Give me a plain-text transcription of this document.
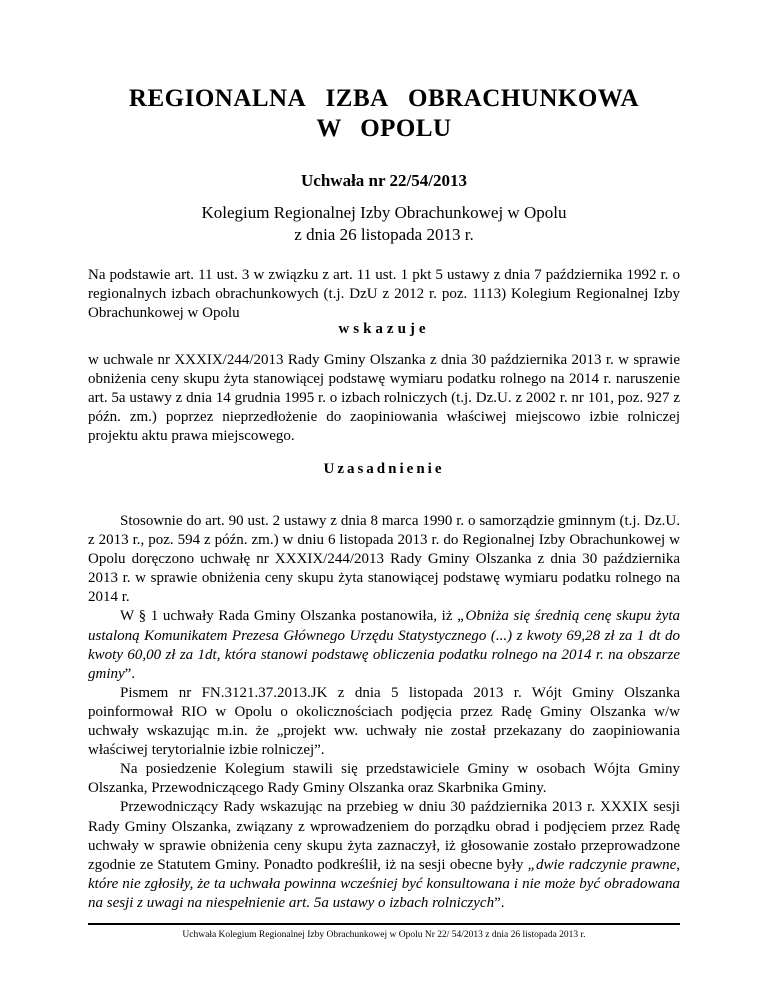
REGIONALNA IZBA OBRACHUNKOWA
W OPOLU
Uchwała nr 22/54/2013
Kolegium Regionalnej Izby Obrachunkowej w Opolu
z dnia 26 listopada 2013 r.
Na podstawie art. 11 ust. 3 w związku z art. 11 ust. 1 pkt 5 ustawy z dnia 7 października 1992 r. o regionalnych izbach obrachunkowych (t.j. DzU z 2012 r. poz. 1113) Kolegium Regionalnej Izby Obrachunkowej w Opolu
wskazuje
w uchwale nr XXXIX/244/2013 Rady Gminy Olszanka z dnia 30 października 2013 r. w sprawie obniżenia ceny skupu żyta stanowiącej podstawę wymiaru podatku rolnego na 2014 r. naruszenie art. 5a ustawy z dnia 14 grudnia 1995 r. o izbach rolniczych (t.j. Dz.U. z 2002 r. nr 101, poz. 927 z późn. zm.) poprzez nieprzedłożenie do zaopiniowania właściwej miejscowo izbie rolniczej projektu aktu prawa miejscowego.
Uzasadnienie

Stosownie do art. 90 ust. 2 ustawy z dnia 8 marca 1990 r. o samorządzie gminnym (t.j. Dz.U. z 2013 r., poz. 594 z późn. zm.) w dniu 6 listopada 2013 r. do Regionalnej Izby Obrachunkowej w Opolu doręczono uchwałę nr XXXIX/244/2013 Rady Gminy Olszanka z dnia 30 października 2013 r. w sprawie obniżenia ceny skupu żyta stanowiącej podstawę wymiaru podatku rolnego na 2014 r.

W § 1 uchwały Rada Gminy Olszanka postanowiła, iż „Obniża się średnią cenę skupu żyta ustaloną Komunikatem Prezesa Głównego Urzędu Statystycznego (...) z kwoty 69,28 zł za 1 dt do kwoty 60,00 zł za 1dt, która stanowi podstawę obliczenia podatku rolnego na 2014 r. na obszarze gminy”.

Pismem nr FN.3121.37.2013.JK z dnia 5 listopada 2013 r. Wójt Gminy Olszanka poinformował RIO w Opolu o okolicznościach podjęcia przez Radę Gminy Olszanka w/w uchwały wskazując m.in. że „projekt ww. uchwały nie został przekazany do zaopiniowania właściwej terytorialnie izbie rolniczej”.

Na posiedzenie Kolegium stawili się przedstawiciele Gminy w osobach Wójta Gminy Olszanka, Przewodniczącego Rady Gminy Olszanka oraz Skarbnika Gminy.

Przewodniczący Rady wskazując na przebieg w dniu 30 października 2013 r. XXXIX sesji Rady Gminy Olszanka, związany z wprowadzeniem do porządku obrad i podjęciem przez Radę uchwały w sprawie obniżenia ceny skupu żyta zaznaczył, iż głosowanie zostało przeprowadzone zgodnie ze Statutem Gminy. Ponadto podkreślił, iż na sesji obecne były „dwie radczynie prawne, które nie zgłosiły, że ta uchwała powinna wcześniej być konsultowana i nie może być obradowana na sesji z uwagi na niespełnienie art. 5a ustawy o izbach rolniczych”.

Uchwała Kolegium Regionalnej Izby Obrachunkowej w Opolu Nr 22/ 54/2013 z dnia 26 listopada 2013 r.
